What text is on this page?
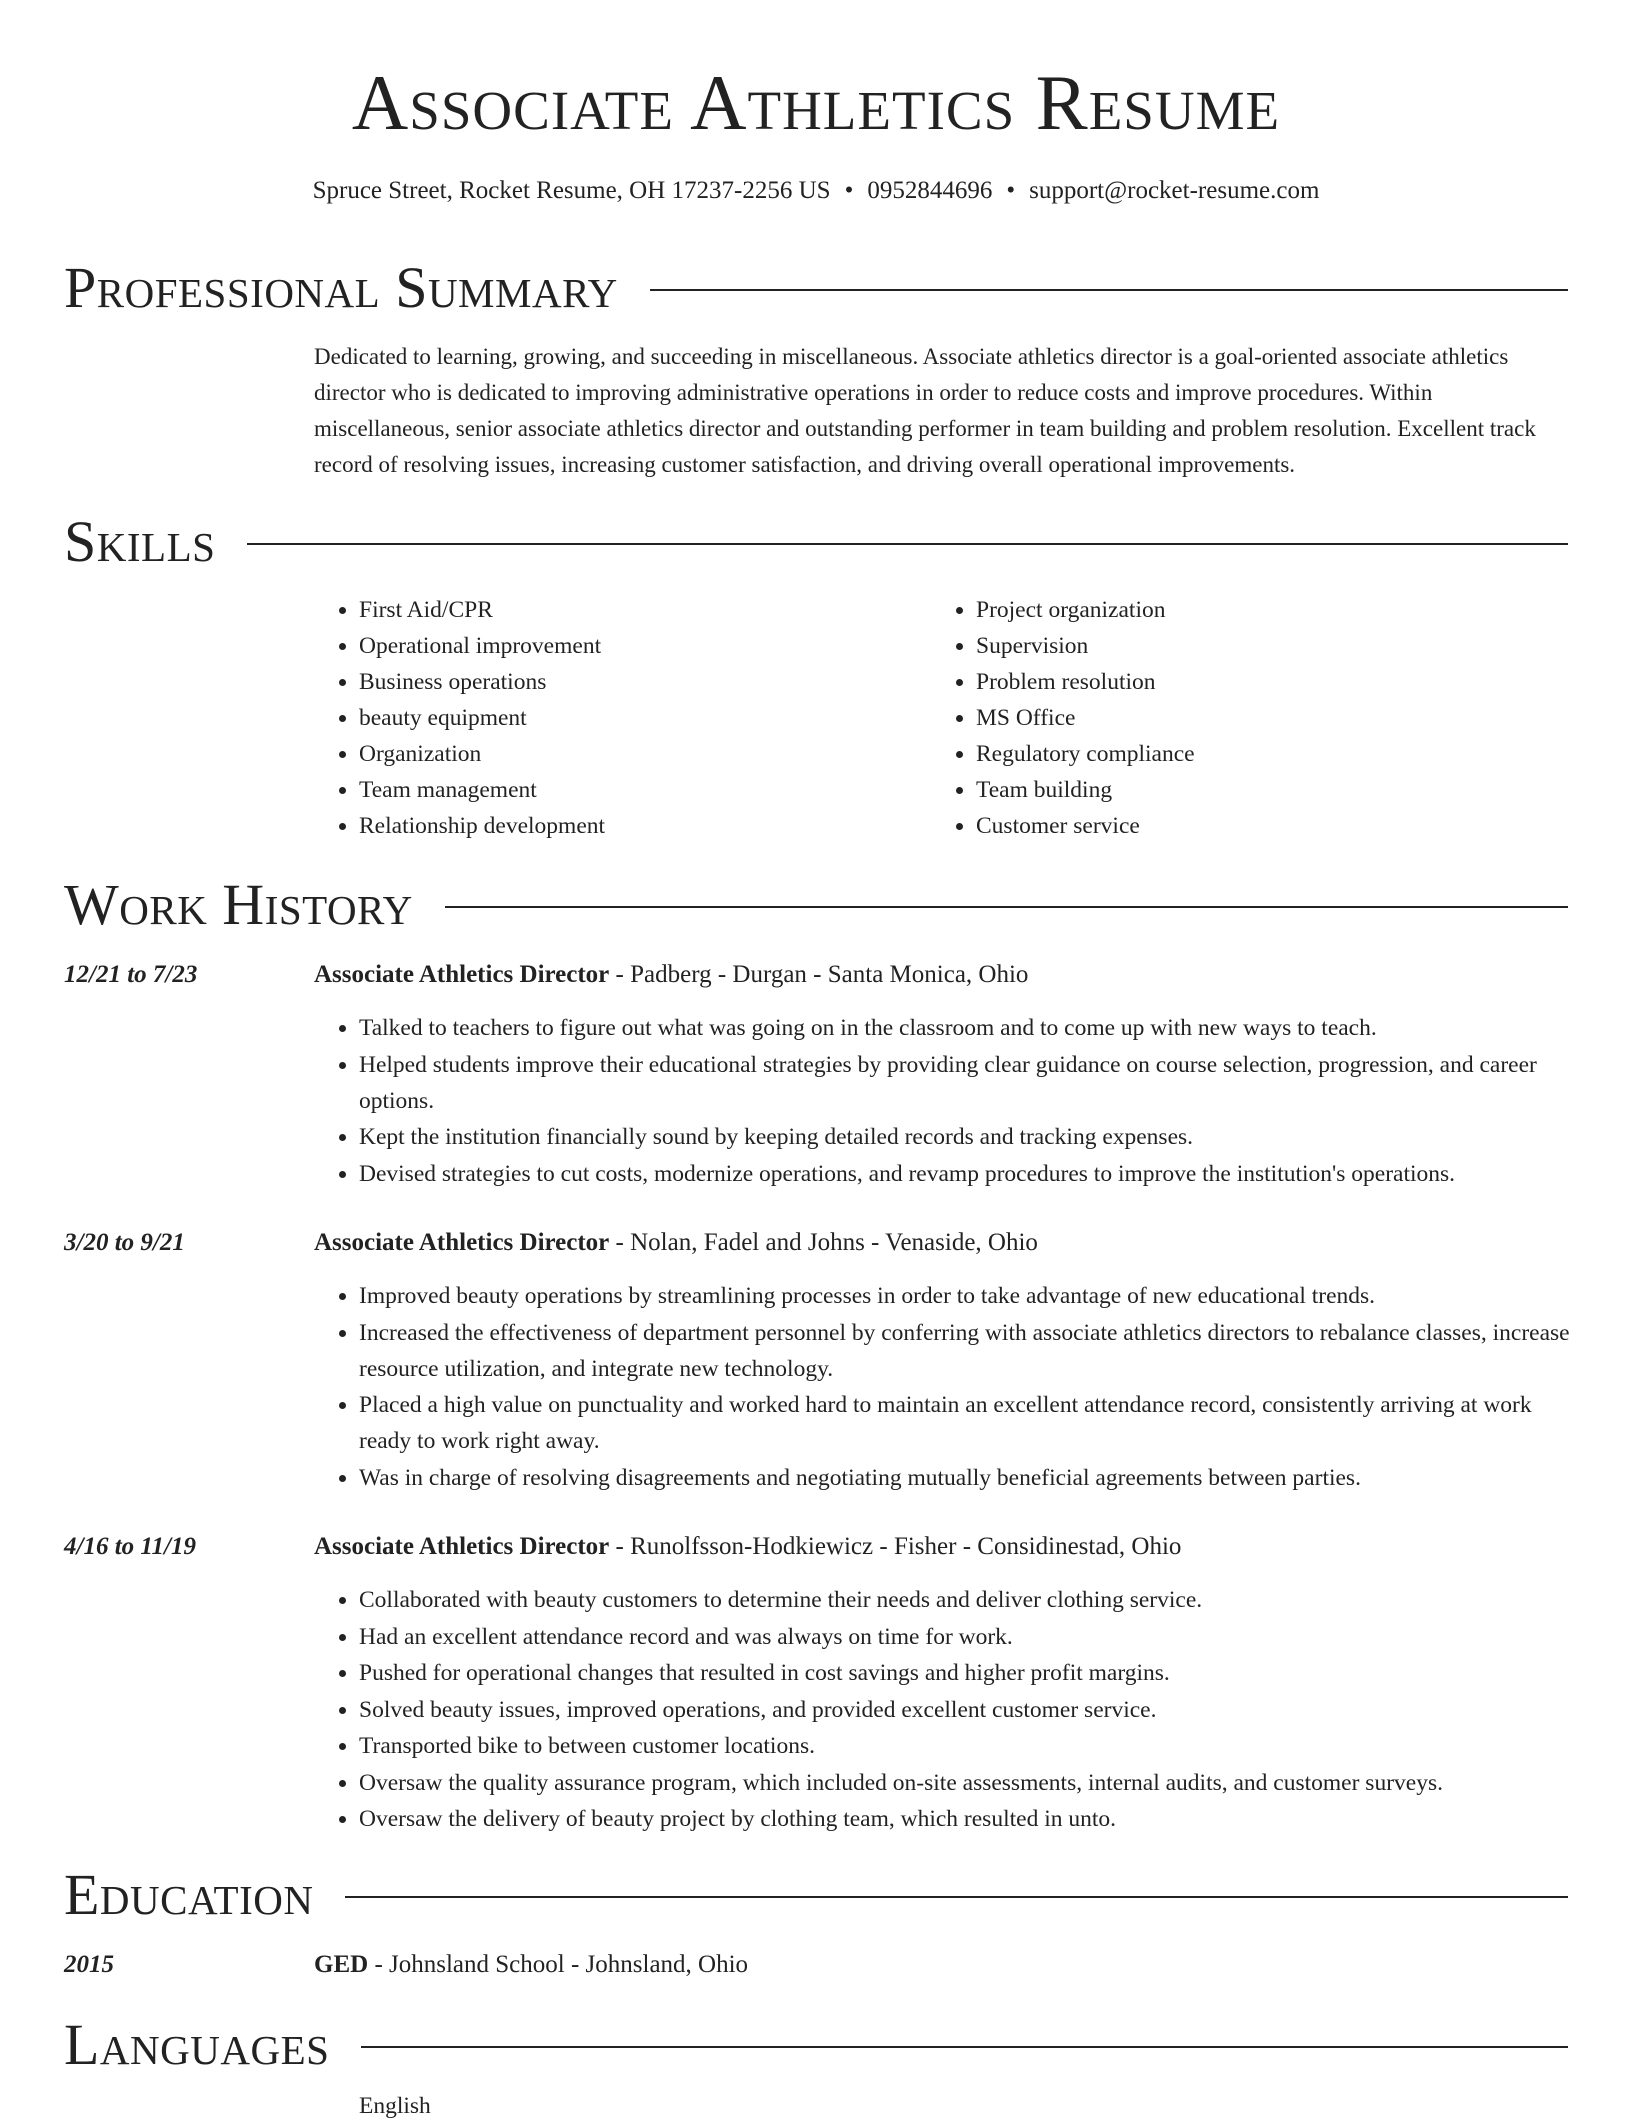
Associate Athletics Resume
Spruce Street, Rocket Resume, OH 17237-2256 US • 0952844696 • support@rocket-resume.com
Professional Summary

Dedicated to learning, growing, and succeeding in miscellaneous. Associate athletics director is a goal-oriented associate athletics director who is dedicated to improving administrative operations in order to reduce costs and improve procedures. Within miscellaneous, senior associate athletics director and outstanding performer in team building and problem resolution. Excellent track record of resolving issues, increasing customer satisfaction, and driving overall operational improvements.

Skills
• First Aid/CPR
• Operational improvement
• Business operations
• beauty equipment
• Organization
• Team management
• Relationship development
• Project organization
• Supervision
• Problem resolution
• MS Office
• Regulatory compliance
• Team building
• Customer service
Work History
12/21 to 7/23	Associate Athletics Director - Padberg - Durgan - Santa Monica, Ohio
• Talked to teachers to figure out what was going on in the classroom and to come up with new ways to teach.
• Helped students improve their educational strategies by providing clear guidance on course selection, progression, and career options.
• Kept the institution financially sound by keeping detailed records and tracking expenses.
• Devised strategies to cut costs, modernize operations, and revamp procedures to improve the institution's operations.
3/20 to 9/21	Associate Athletics Director - Nolan, Fadel and Johns - Venaside, Ohio
• Improved beauty operations by streamlining processes in order to take advantage of new educational trends.
• Increased the effectiveness of department personnel by conferring with associate athletics directors to rebalance classes, increase resource utilization, and integrate new technology.
• Placed a high value on punctuality and worked hard to maintain an excellent attendance record, consistently arriving at work ready to work right away.
• Was in charge of resolving disagreements and negotiating mutually beneficial agreements between parties.
4/16 to 11/19	Associate Athletics Director - Runolfsson-Hodkiewicz - Fisher - Considinestad, Ohio
• Collaborated with beauty customers to determine their needs and deliver clothing service.
• Had an excellent attendance record and was always on time for work.
• Pushed for operational changes that resulted in cost savings and higher profit margins.
• Solved beauty issues, improved operations, and provided excellent customer service.
• Transported bike to between customer locations.
• Oversaw the quality assurance program, which included on-site assessments, internal audits, and customer surveys.
• Oversaw the delivery of beauty project by clothing team, which resulted in unto.
Education
2015	GED - Johnsland School - Johnsland, Ohio
Languages
English
